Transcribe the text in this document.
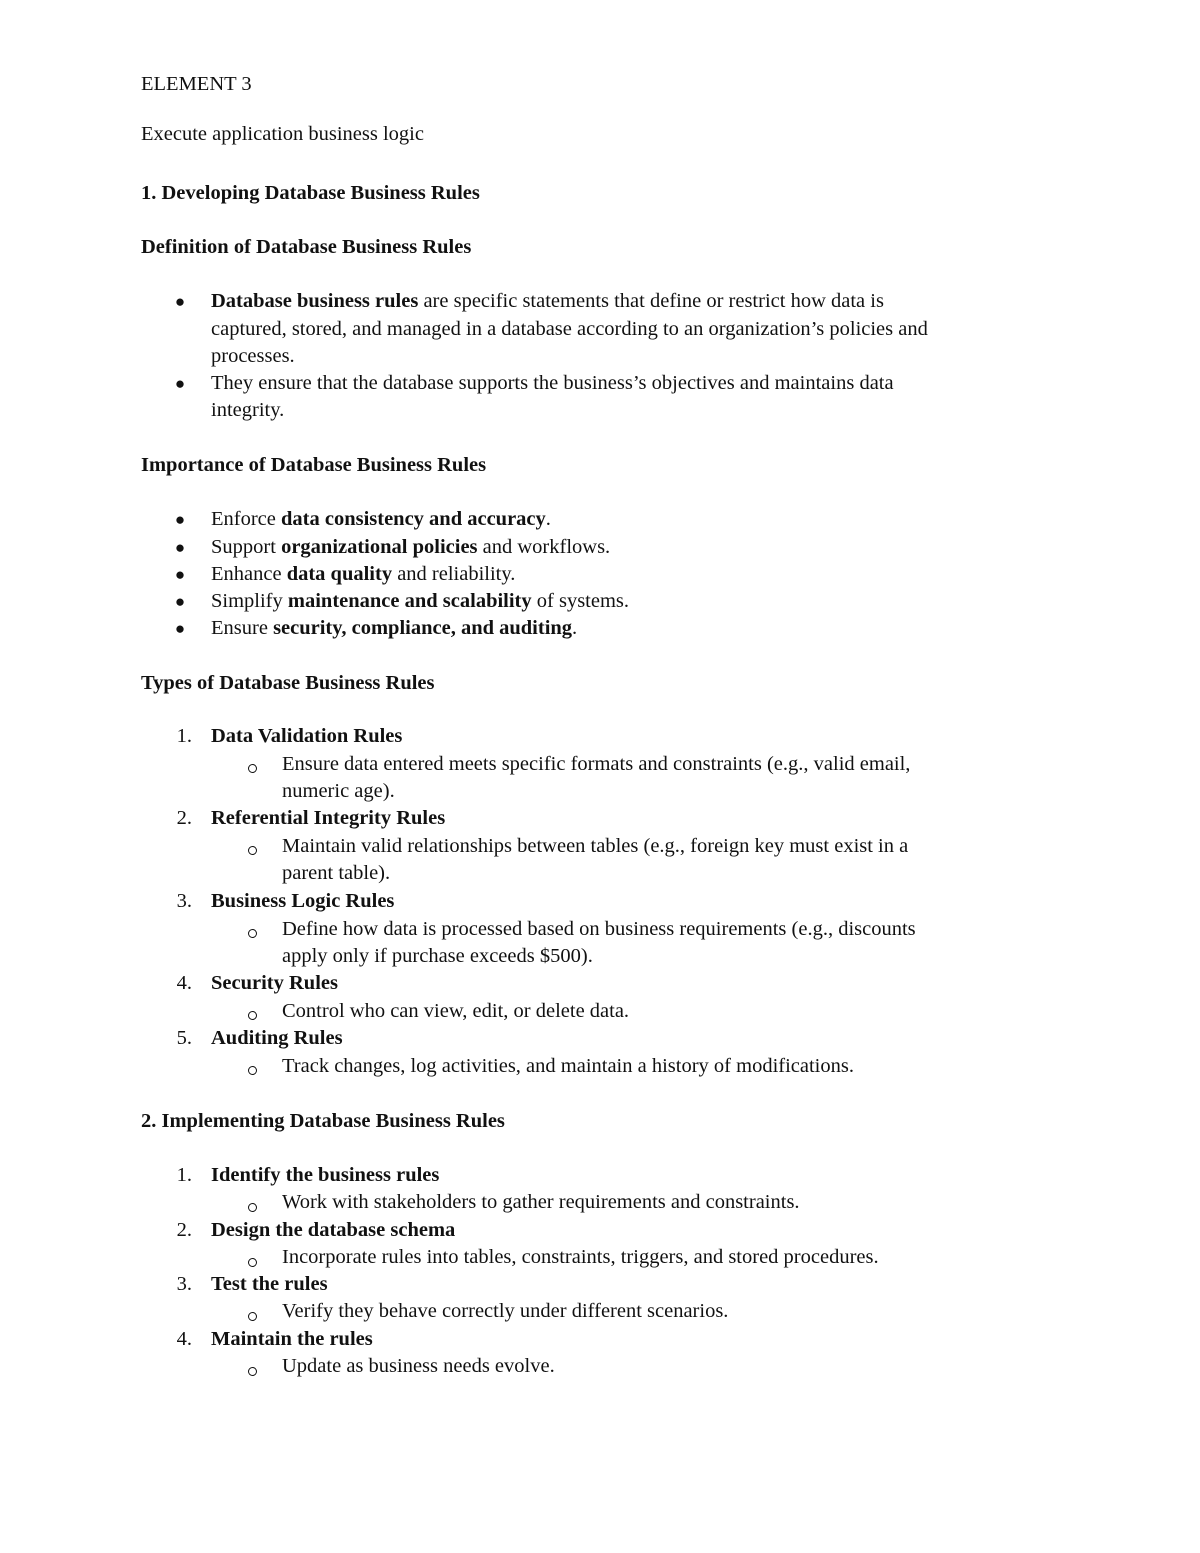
ELEMENT 3
Execute application business logic
1. Developing Database Business Rules
Definition of Database Business Rules
● Database business rules are specific statements that define or restrict how data is
captured, stored, and managed in a database according to an organization’s policies and
processes.
● They ensure that the database supports the business’s objectives and maintains data
integrity.
Importance of Database Business Rules
● Enforce data consistency and accuracy.
● Support organizational policies and workflows.
● Enhance data quality and reliability.
● Simplify maintenance and scalability of systems.
● Ensure security, compliance, and auditing.
Types of Database Business Rules
1. Data Validation Rules
Ensure data entered meets specific formats and constraints (e.g., valid email,
numeric age).
2. Referential Integrity Rules
Maintain valid relationships between tables (e.g., foreign key must exist in a
parent table).
3. Business Logic Rules
Define how data is processed based on business requirements (e.g., discounts
apply only if purchase exceeds $500).
4. Security Rules
Control who can view, edit, or delete data.
5. Auditing Rules
Track changes, log activities, and maintain a history of modifications.
2. Implementing Database Business Rules
1. Identify the business rules
Work with stakeholders to gather requirements and constraints.
2. Design the database schema
Incorporate rules into tables, constraints, triggers, and stored procedures.
3. Test the rules
Verify they behave correctly under different scenarios.
4. Maintain the rules
Update as business needs evolve.
